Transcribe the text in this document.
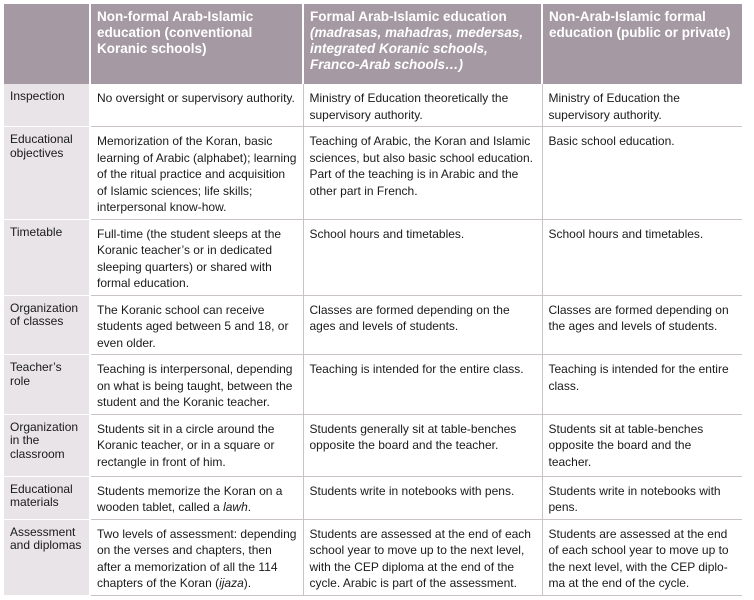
	Non-formal Arab-Islamic education (conventional Koranic schools)	Formal Arab-Islamic education (madrasas, mahadras, medersas, integrated Koranic schools, Franco-Arab schools…)	Non-Arab-Islamic formal education (public or private)
Inspection	No oversight or supervisory authority.	Ministry of Education theoretically the supervisory authority.	Ministry of Education the supervisory authority.
Educational objectives	Memorization of the Koran, basic learning of Arabic (alphabet); learning of the ritual practice and acquisition of Islamic sciences; life skills; interpersonal know-how.	Teaching of Arabic, the Koran and Islamic sciences, but also basic school education. Part of the teaching is in Arabic and the other part in French.	Basic school education.
Timetable	Full-time (the student sleeps at the Koranic teacher’s or in dedicated sleeping quarters) or shared with formal education.	School hours and timetables.	School hours and timetables.
Organization of classes	The Koranic school can receive students aged between 5 and 18, or even older.	Classes are formed depending on the ages and levels of students.	Classes are formed depending on the ages and levels of students.
Teacher’s role	Teaching is interpersonal, depending on what is being taught, between the student and the Koranic teacher.	Teaching is intended for the entire class.	Teaching is intended for the entire class.
Organization in the classroom	Students sit in a circle around the Koranic teacher, or in a square or rectangle in front of him.	Students generally sit at table-benches opposite the board and the teacher.	Students sit at table-benches opposite the board and the teacher.
Educational materials	Students memorize the Koran on a wooden tablet, called a lawh.	Students write in notebooks with pens.	Students write in notebooks with pens.
Assessment and diplomas	Two levels of assessment: depending on the verses and chapters, then after a memorization of all the 114 chapters of the Koran (ijaza).	Students are assessed at the end of each school year to move up to the next level, with the CEP diploma at the end of the cycle. Arabic is part of the assessment.	Students are assessed at the end of each school year to move up to the next level, with the CEP diploma at the end of the cycle.
